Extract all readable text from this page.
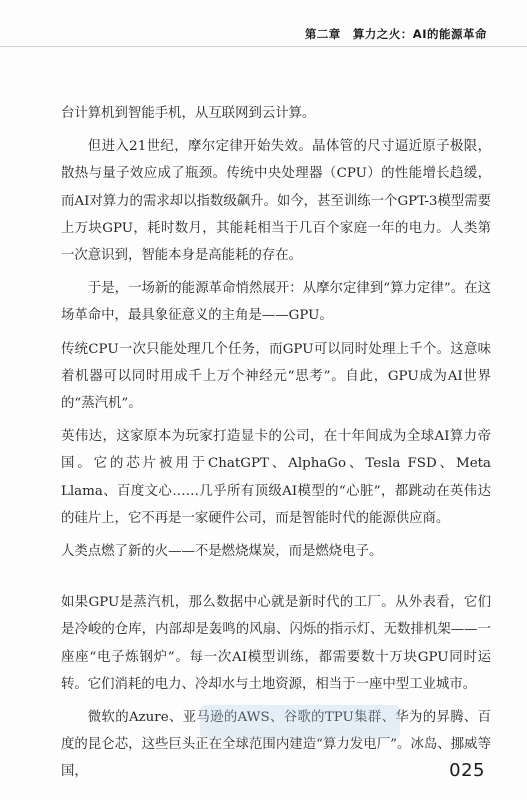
第二章 算力之火：AI的能源革命

台计算机到智能手机，从互联网到云计算。

但进入21世纪，摩尔定律开始失效。晶体管的尺寸逼近原子极限，散热与量子效应成了瓶颈。传统中央处理器（CPU）的性能增长趋缓，而AI对算力的需求却以指数级飙升。如今，甚至训练一个GPT-3模型需要上万块GPU，耗时数月，其能耗相当于几百个家庭一年的电力。人类第一次意识到，智能本身是高能耗的存在。

于是，一场新的能源革命悄然展开：从摩尔定律到“算力定律”。在这场革命中，最具象征意义的主角是——GPU。

传统CPU一次只能处理几个任务，而GPU可以同时处理上千个。这意味着机器可以同时用成千上万个神经元“思考”。自此，GPU成为AI世界的“蒸汽机”。

英伟达，这家原本为玩家打造显卡的公司，在十年间成为全球AI算力帝国。它的芯片被用于ChatGPT、AlphaGo、Tesla FSD、Meta Llama、百度文心……几乎所有顶级AI模型的“心脏”，都跳动在英伟达的硅片上，它不再是一家硬件公司，而是智能时代的能源供应商。

人类点燃了新的火——不是燃烧煤炭，而是燃烧电子。

如果GPU是蒸汽机，那么数据中心就是新时代的工厂。从外表看，它们是冷峻的仓库，内部却是轰鸣的风扇、闪烁的指示灯、无数排机架——一座座“电子炼钢炉”。每一次AI模型训练，都需要数十万块GPU同时运转。它们消耗的电力、冷却水与土地资源，相当于一座中型工业城市。

微软的Azure、亚马逊的AWS、谷歌的TPU集群、华为的昇腾、百度的昆仑芯，这些巨头正在全球范围内建造“算力发电厂”。冰岛、挪威等国，	025
